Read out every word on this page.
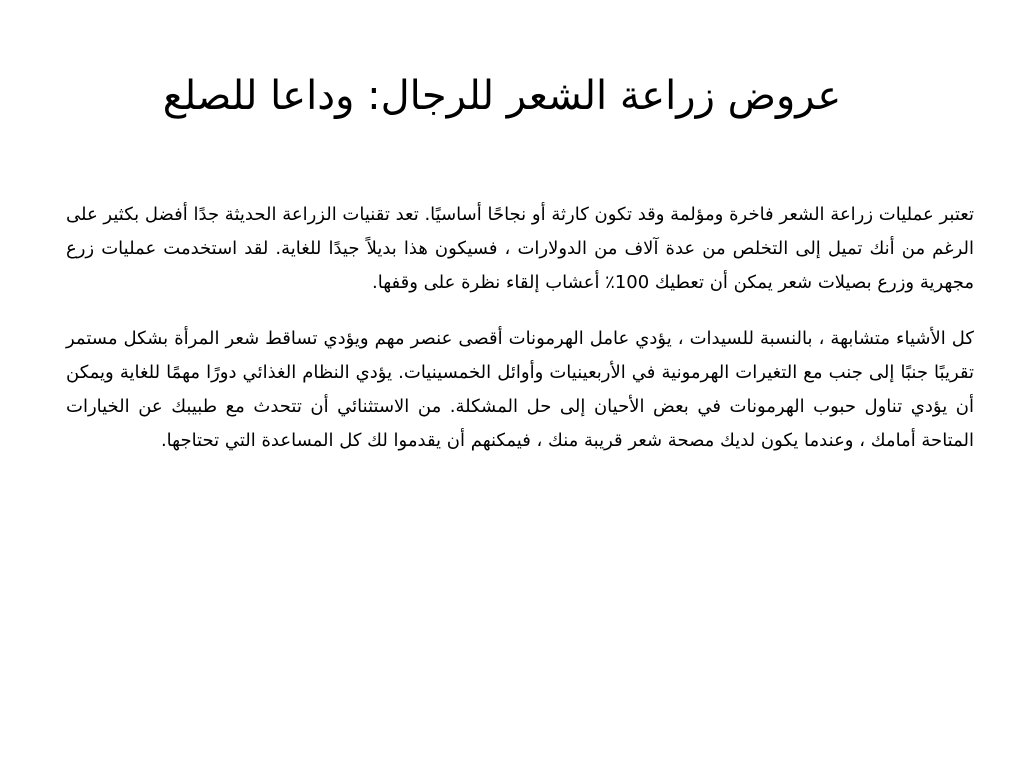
عروض زراعة الشعر للرجال: وداعا للصلع

تعتبر عمليات زراعة الشعر فاخرة ومؤلمة وقد تكون كارثة أو نجاحًا أساسيًا. تعد تقنيات الزراعة الحديثة جدًا أفضل بكثير على الرغم من أنك تميل إلى التخلص من عدة آلاف من الدولارات ، فسيكون هذا بديلاً جيدًا للغاية. لقد استخدمت عمليات زرع مجهرية وزرع بصيلات شعر يمكن أن تعطيك 100٪ أعشاب إلقاء نظرة على وقفها.

كل الأشياء متشابهة ، بالنسبة للسيدات ، يؤدي عامل الهرمونات أقصى عنصر مهم ويؤدي تساقط شعر المرأة بشكل مستمر تقريبًا جنبًا إلى جنب مع التغيرات الهرمونية في الأربعينيات وأوائل الخمسينيات. يؤدي النظام الغذائي دورًا مهمًا للغاية ويمكن أن يؤدي تناول حبوب الهرمونات في بعض الأحيان إلى حل المشكلة. من الاستثنائي أن تتحدث مع طبيبك عن الخيارات المتاحة أمامك ، وعندما يكون لديك مصحة شعر قريبة منك ، فيمكنهم أن يقدموا لك كل المساعدة التي تحتاجها.
